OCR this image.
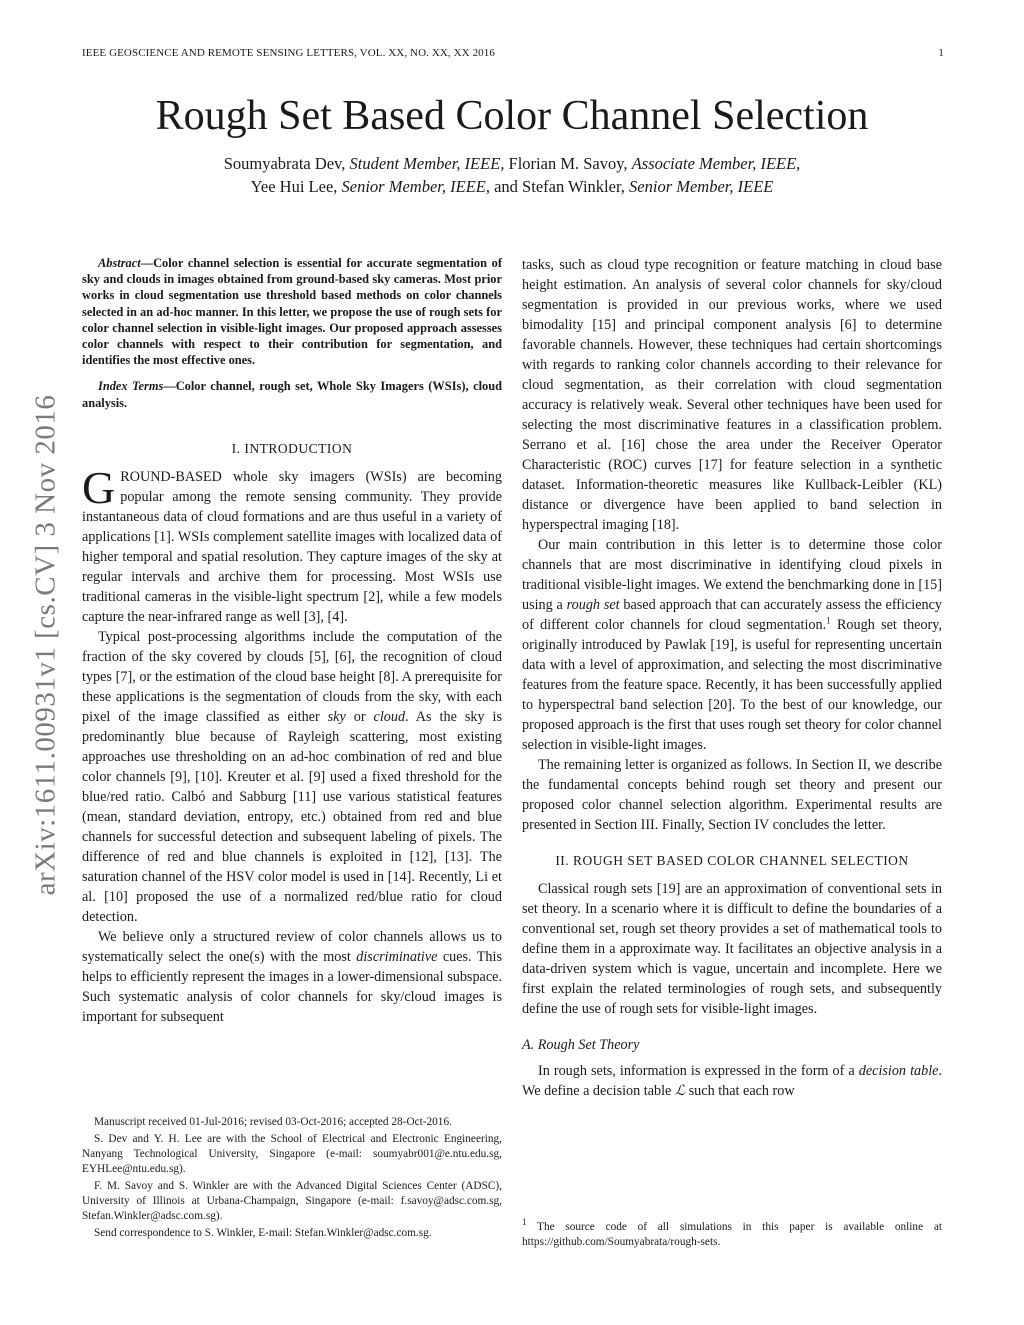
IEEE GEOSCIENCE AND REMOTE SENSING LETTERS, VOL. XX, NO. XX, XX 2016	1
arXiv:1611.00931v1 [cs.CV] 3 Nov 2016
Rough Set Based Color Channel Selection
Soumyabrata Dev, Student Member, IEEE, Florian M. Savoy, Associate Member, IEEE,
Yee Hui Lee, Senior Member, IEEE, and Stefan Winkler, Senior Member, IEEE

Abstract—Color channel selection is essential for accurate segmentation of sky and clouds in images obtained from ground-based sky cameras. Most prior works in cloud segmentation use threshold based methods on color channels selected in an ad-hoc manner. In this letter, we propose the use of rough sets for color channel selection in visible-light images. Our proposed approach assesses color channels with respect to their contribution for segmentation, and identifies the most effective ones.

Index Terms—Color channel, rough set, Whole Sky Imagers (WSIs), cloud analysis.

I. INTRODUCTION

GROUND-BASED whole sky imagers (WSIs) are becoming popular among the remote sensing community. They provide instantaneous data of cloud formations and are thus useful in a variety of applications [1]. WSIs complement satellite images with localized data of higher temporal and spatial resolution. They capture images of the sky at regular intervals and archive them for processing. Most WSIs use traditional cameras in the visible-light spectrum [2], while a few models capture the near-infrared range as well [3], [4].

Typical post-processing algorithms include the computation of the fraction of the sky covered by clouds [5], [6], the recognition of cloud types [7], or the estimation of the cloud base height [8]. A prerequisite for these applications is the segmentation of clouds from the sky, with each pixel of the image classified as either sky or cloud. As the sky is predominantly blue because of Rayleigh scattering, most existing approaches use thresholding on an ad-hoc combination of red and blue color channels [9], [10]. Kreuter et al. [9] used a fixed threshold for the blue/red ratio. Calbó and Sabburg [11] use various statistical features (mean, standard deviation, entropy, etc.) obtained from red and blue channels for successful detection and subsequent labeling of pixels. The difference of red and blue channels is exploited in [12], [13]. The saturation channel of the HSV color model is used in [14]. Recently, Li et al. [10] proposed the use of a normalized red/blue ratio for cloud detection.

We believe only a structured review of color channels allows us to systematically select the one(s) with the most discriminative cues. This helps to efficiently represent the images in a lower-dimensional subspace. Such systematic analysis of color channels for sky/cloud images is important for subsequent

Manuscript received 01-Jul-2016; revised 03-Oct-2016; accepted 28-Oct-2016.

S. Dev and Y. H. Lee are with the School of Electrical and Electronic Engineering, Nanyang Technological University, Singapore (e-mail: soumyabr001@e.ntu.edu.sg, EYHLee@ntu.edu.sg).

F. M. Savoy and S. Winkler are with the Advanced Digital Sciences Center (ADSC), University of Illinois at Urbana-Champaign, Singapore (e-mail: f.savoy@adsc.com.sg, Stefan.Winkler@adsc.com.sg).

Send correspondence to S. Winkler, E-mail: Stefan.Winkler@adsc.com.sg.

tasks, such as cloud type recognition or feature matching in cloud base height estimation. An analysis of several color channels for sky/cloud segmentation is provided in our previous works, where we used bimodality [15] and principal component analysis [6] to determine favorable channels. However, these techniques had certain shortcomings with regards to ranking color channels according to their relevance for cloud segmentation, as their correlation with cloud segmentation accuracy is relatively weak. Several other techniques have been used for selecting the most discriminative features in a classification problem. Serrano et al. [16] chose the area under the Receiver Operator Characteristic (ROC) curves [17] for feature selection in a synthetic dataset. Information-theoretic measures like Kullback-Leibler (KL) distance or divergence have been applied to band selection in hyperspectral imaging [18].

Our main contribution in this letter is to determine those color channels that are most discriminative in identifying cloud pixels in traditional visible-light images. We extend the benchmarking done in [15] using a rough set based approach that can accurately assess the efficiency of different color channels for cloud segmentation.$^1$ Rough set theory, originally introduced by Pawlak [19], is useful for representing uncertain data with a level of approximation, and selecting the most discriminative features from the feature space. Recently, it has been successfully applied to hyperspectral band selection [20]. To the best of our knowledge, our proposed approach is the first that uses rough set theory for color channel selection in visible-light images.

The remaining letter is organized as follows. In Section II, we describe the fundamental concepts behind rough set theory and present our proposed color channel selection algorithm. Experimental results are presented in Section III. Finally, Section IV concludes the letter.

II. ROUGH SET BASED COLOR CHANNEL SELECTION

Classical rough sets [19] are an approximation of conventional sets in set theory. In a scenario where it is difficult to define the boundaries of a conventional set, rough set theory provides a set of mathematical tools to define them in a approximate way. It facilitates an objective analysis in a data-driven system which is vague, uncertain and incomplete. Here we first explain the related terminologies of rough sets, and subsequently define the use of rough sets for visible-light images.

A. Rough Set Theory

In rough sets, information is expressed in the form of a decision table. We define a decision table ℒ such that each row

$^1$ The source code of all simulations in this paper is available online at https://github.com/Soumyabrata/rough-sets.
